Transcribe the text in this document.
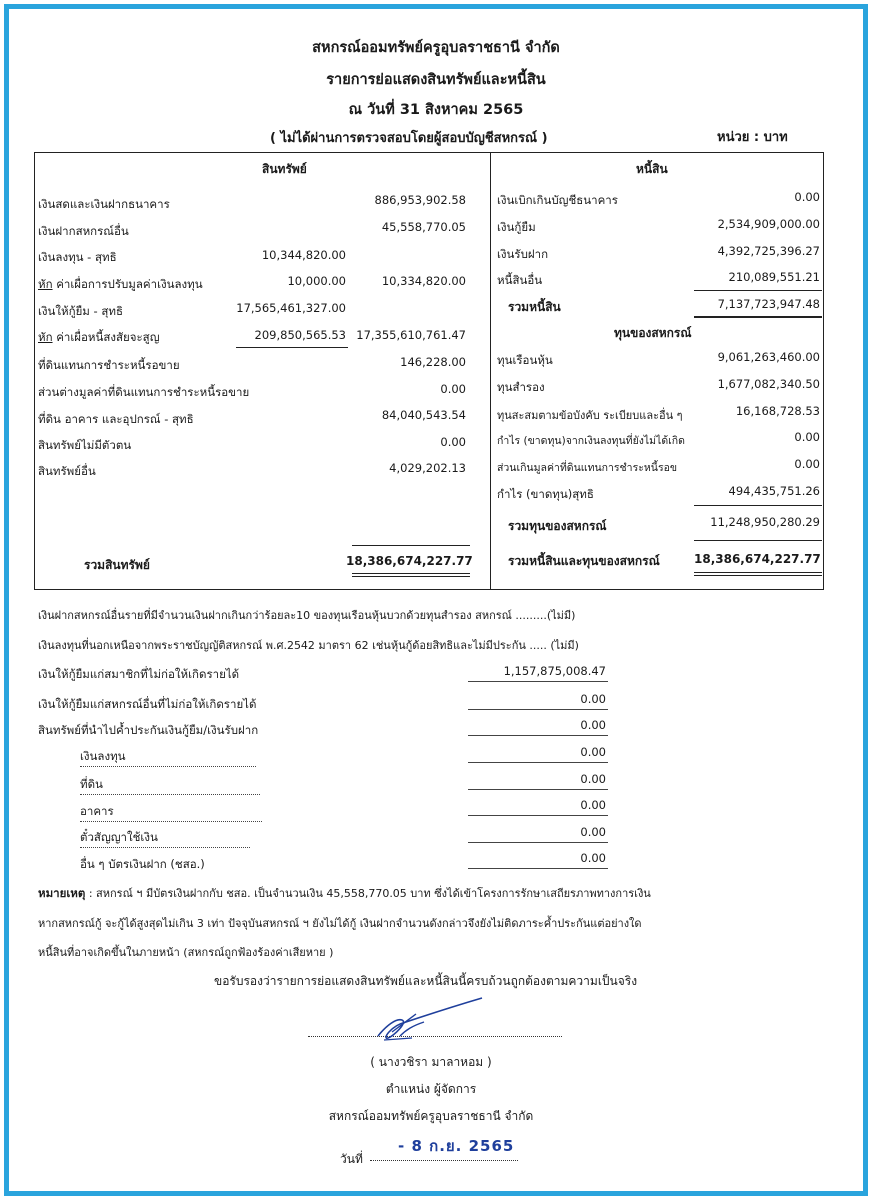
สหกรณ์ออมทรัพย์ครูอุบลราชธานี จำกัด
รายการย่อแสดงสินทรัพย์และหนี้สิน
ณ วันที่ 31 สิงหาคม 2565
( ไม่ได้ผ่านการตรวจสอบโดยผู้สอบบัญชีสหกรณ์ )	หน่วย : บาท
สินทรัพย์	หนี้สิน
เงินสดและเงินฝากธนาคาร	886,953,902.58
เงินฝากสหกรณ์อื่น	45,558,770.05
เงินลงทุน - สุทธิ	10,344,820.00
หัก ค่าเผื่อการปรับมูลค่าเงินลงทุน	10,000.00	10,334,820.00
เงินให้กู้ยืม - สุทธิ	17,565,461,327.00
หัก ค่าเผื่อหนี้สงสัยจะสูญ	209,850,565.53 17,355,610,761.47
ที่ดินแทนการชำระหนี้รอขาย	146,228.00
ส่วนต่างมูลค่าที่ดินแทนการชำระหนี้รอขาย	0.00
ที่ดิน อาคาร และอุปกรณ์ - สุทธิ	84,040,543.54
สินทรัพย์ไม่มีตัวตน	0.00
สินทรัพย์อื่น	4,029,202.13
รวมสินทรัพย์	18,386,674,227.77
เงินเบิกเกินบัญชีธนาคาร	0.00
เงินกู้ยืม	2,534,909,000.00
เงินรับฝาก	4,392,725,396.27
หนี้สินอื่น	210,089,551.21
รวมหนี้สิน	7,137,723,947.48
ทุนของสหกรณ์
ทุนเรือนหุ้น	9,061,263,460.00
ทุนสำรอง	1,677,082,340.50
ทุนสะสมตามข้อบังคับ ระเบียบและอื่น ๆ	16,168,728.53
กำไร (ขาดทุน)จากเงินลงทุนที่ยังไม่ได้เกิด	0.00
ส่วนเกินมูลค่าที่ดินแทนการชำระหนี้รอข	0.00
กำไร (ขาดทุน)สุทธิ	494,435,751.26
รวมทุนของสหกรณ์	11,248,950,280.29
รวมหนี้สินและทุนของสหกรณ์	18,386,674,227.77
เงินฝากสหกรณ์อื่นรายที่มีจำนวนเงินฝากเกินกว่าร้อยละ10 ของทุนเรือนหุ้นบวกด้วยทุนสำรอง สหกรณ์ .........(ไม่มี)
เงินลงทุนที่นอกเหนือจากพระราชบัญญัติสหกรณ์ พ.ศ.2542 มาตรา 62 เช่นหุ้นกู้ด้อยสิทธิและไม่มีประกัน ..... (ไม่มี)
เงินให้กู้ยืมแก่สมาชิกที่ไม่ก่อให้เกิดรายได้	1,157,875,008.47
เงินให้กู้ยืมแก่สหกรณ์อื่นที่ไม่ก่อให้เกิดรายได้	0.00
สินทรัพย์ที่นำไปค้ำประกันเงินกู้ยืม/เงินรับฝาก	0.00
เงินลงทุน	0.00
ที่ดิน	0.00
อาคาร	0.00
ตั๋วสัญญาใช้เงิน	0.00
อื่น ๆ บัตรเงินฝาก (ชสอ.)	0.00
หมายเหตุ : สหกรณ์ ฯ มีบัตรเงินฝากกับ ชสอ. เป็นจำนวนเงิน 45,558,770.05 บาท ซึ่งได้เข้าโครงการรักษาเสถียรภาพทางการเงิน
หากสหกรณ์กู้ จะกู้ได้สูงสุดไม่เกิน 3 เท่า ปัจจุบันสหกรณ์ ฯ ยังไม่ได้กู้ เงินฝากจำนวนดังกล่าวจึงยังไม่ติดภาระค้ำประกันแต่อย่างใด
หนี้สินที่อาจเกิดขึ้นในภายหน้า (สหกรณ์ถูกฟ้องร้องค่าเสียหาย )
ขอรับรองว่ารายการย่อแสดงสินทรัพย์และหนี้สินนี้ครบถ้วนถูกต้องตามความเป็นจริง
( นางวชิรา มาลาหอม )
ตำแหน่ง ผู้จัดการ
สหกรณ์ออมทรัพย์ครูอุบลราชธานี จำกัด
วันที่
- 8 ก.ย. 2565
